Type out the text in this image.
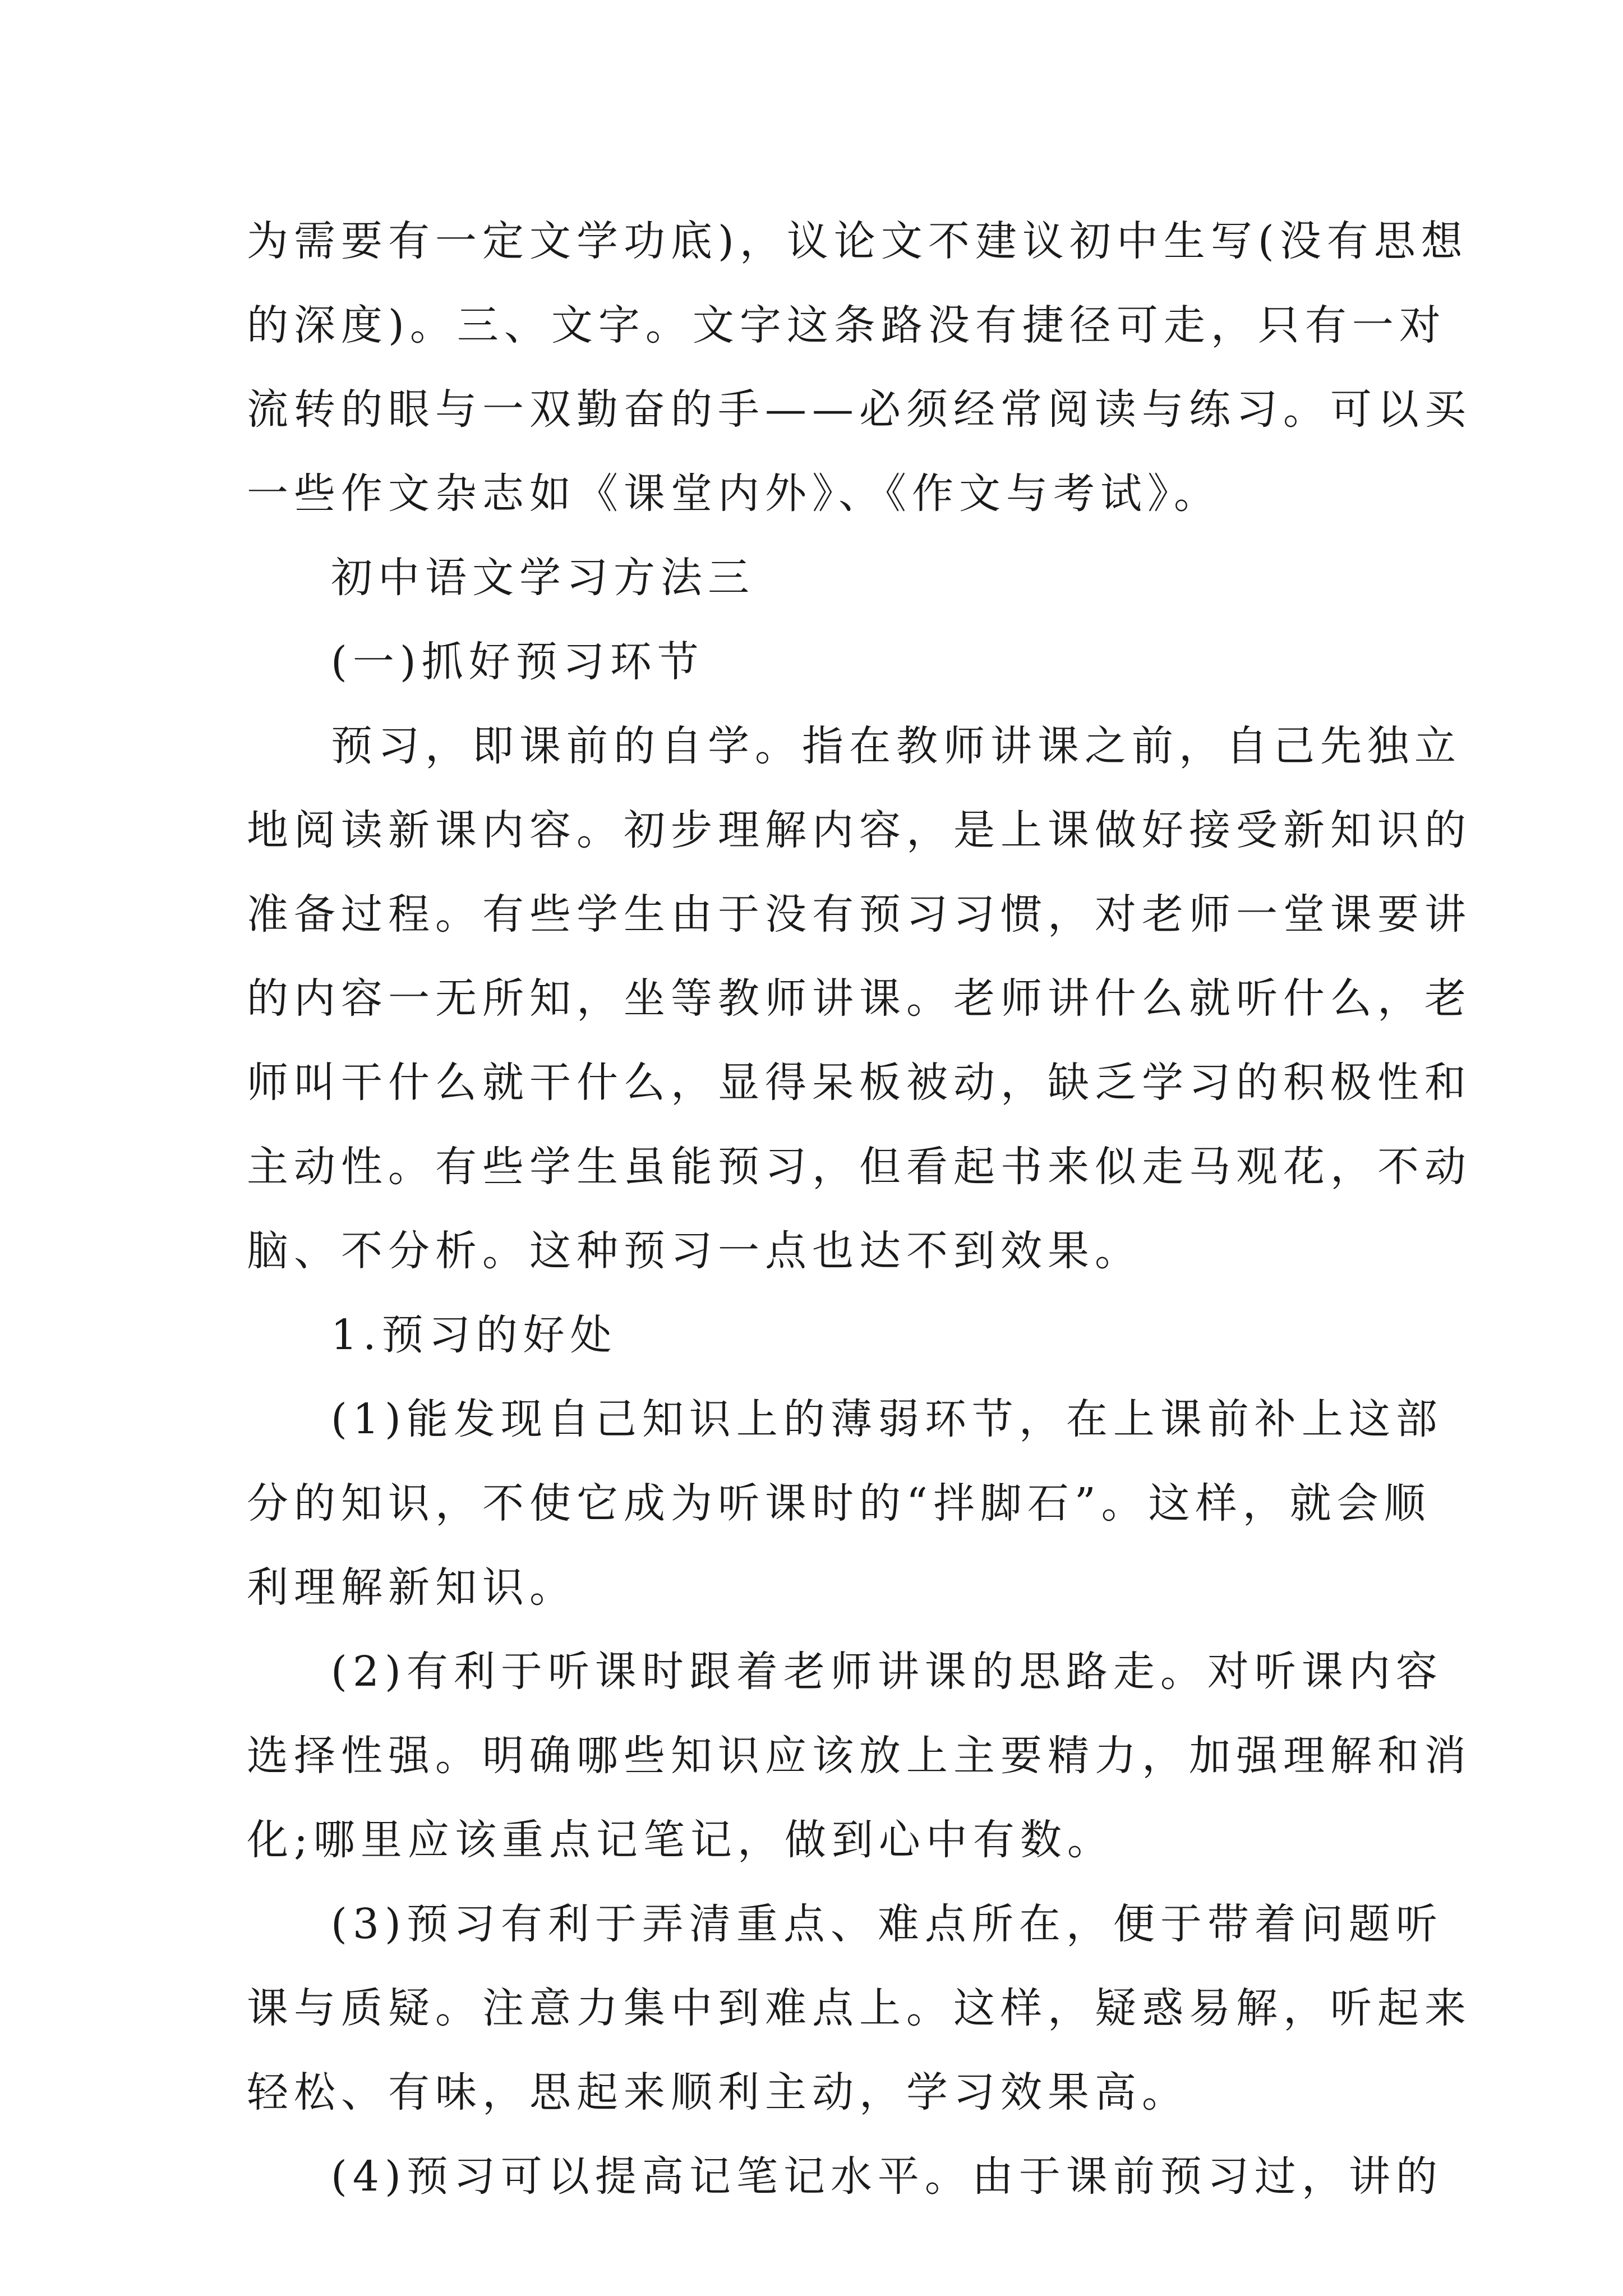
为需要有一定文学功底)，议论文不建议初中生写(没有思想

的深度)。三、文字。文字这条路没有捷径可走，只有一对

流转的眼与一双勤奋的手——必须经常阅读与练习。可以买

一些作文杂志如《课堂内外》、《作文与考试》。

初中语文学习方法三

(一)抓好预习环节

预习，即课前的自学。指在教师讲课之前，自己先独立

地阅读新课内容。初步理解内容，是上课做好接受新知识的

准备过程。有些学生由于没有预习习惯，对老师一堂课要讲

的内容一无所知，坐等教师讲课。老师讲什么就听什么，老

师叫干什么就干什么，显得呆板被动，缺乏学习的积极性和

主动性。有些学生虽能预习，但看起书来似走马观花，不动

脑、不分析。这种预习一点也达不到效果。

1.预习的好处

(1)能发现自己知识上的薄弱环节，在上课前补上这部

分的知识，不使它成为听课时的“拌脚石”。这样，就会顺

利理解新知识。

(2)有利于听课时跟着老师讲课的思路走。对听课内容

选择性强。明确哪些知识应该放上主要精力，加强理解和消

化;哪里应该重点记笔记，做到心中有数。

(3)预习有利于弄清重点、难点所在，便于带着问题听

课与质疑。注意力集中到难点上。这样，疑惑易解，听起来

轻松、有味，思起来顺利主动，学习效果高。

(4)预习可以提高记笔记水平。由于课前预习过，讲的
